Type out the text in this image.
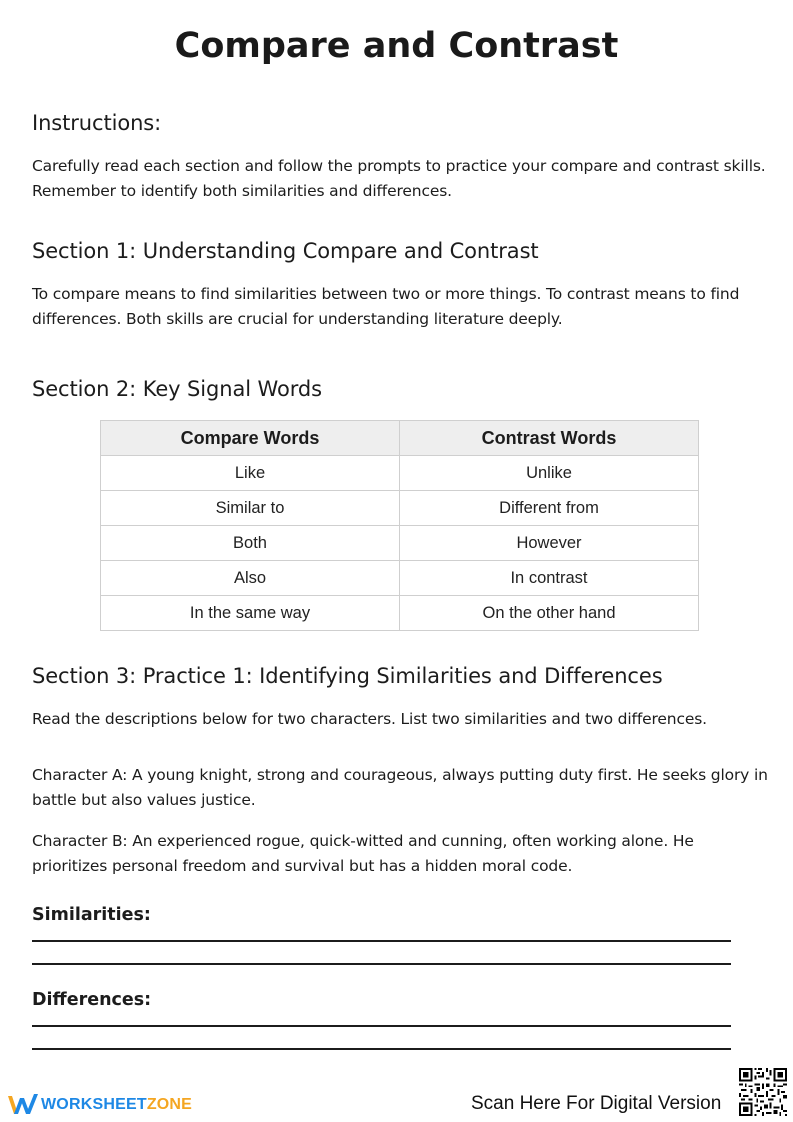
Compare and Contrast
Instructions:
Carefully read each section and follow the prompts to practice your compare and contrast skills. Remember to identify both similarities and differences.
Section 1: Understanding Compare and Contrast
To compare means to find similarities between two or more things. To contrast means to find differences. Both skills are crucial for understanding literature deeply.
Section 2: Key Signal Words
Compare Words	Contrast Words
Like	Unlike
Similar to	Different from
Both	However
Also	In contrast
In the same way	On the other hand
Section 3: Practice 1: Identifying Similarities and Differences
Read the descriptions below for two characters. List two similarities and two differences.
Character A: A young knight, strong and courageous, always putting duty first. He seeks glory in battle but also values justice.
Character B: An experienced rogue, quick-witted and cunning, often working alone. He prioritizes personal freedom and survival but has a hidden moral code.
Similarities:
Differences:
WORKSHEETZONE	Scan Here For Digital Version
